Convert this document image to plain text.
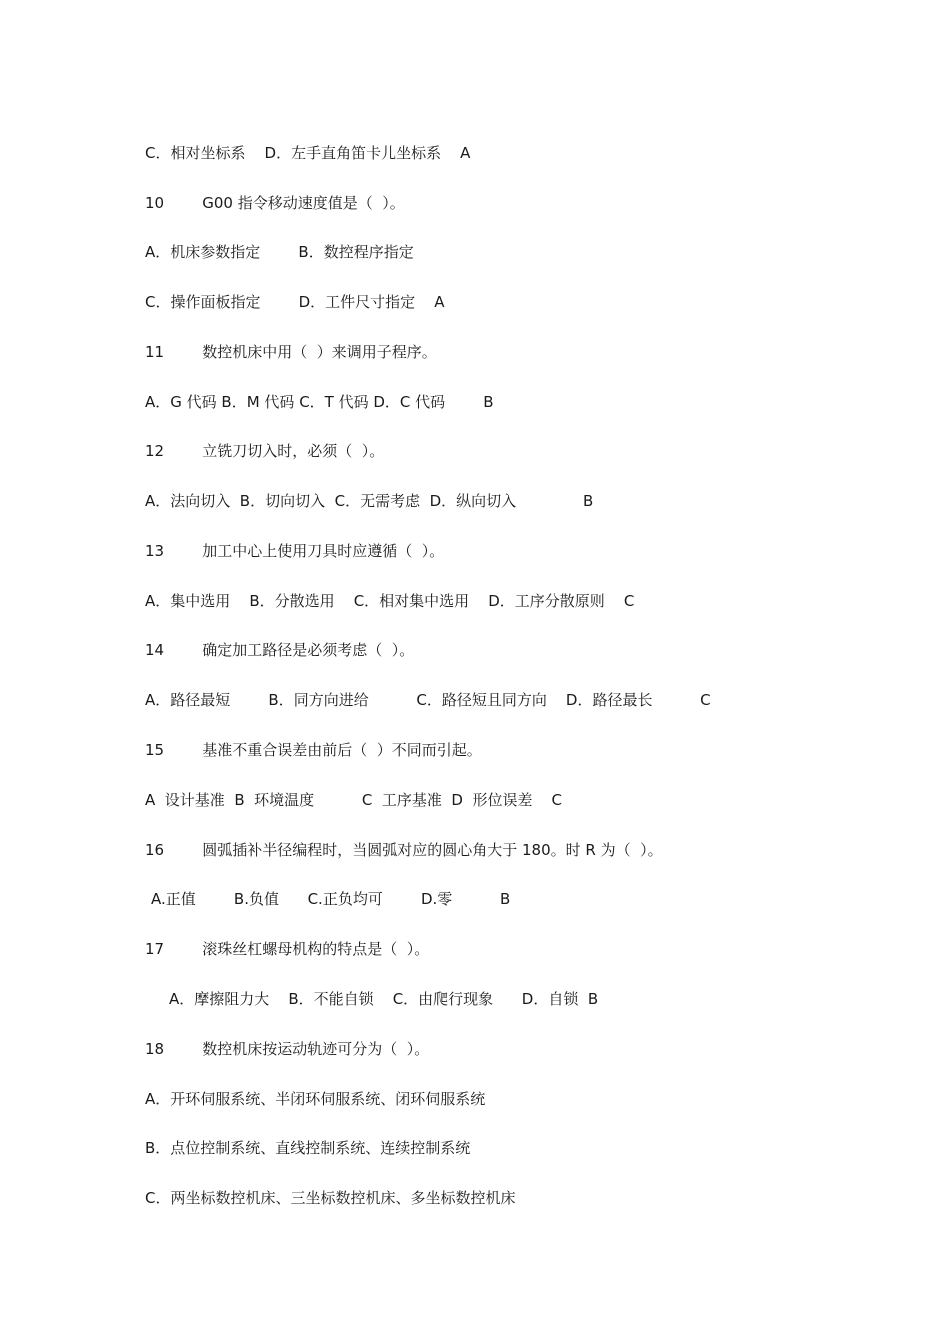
C．相对坐标系    D．左手直角笛卡儿坐标系    A
10        G00 指令移动速度值是（  ）。
A．机床参数指定        B．数控程序指定
C．操作面板指定        D．工件尺寸指定    A
11        数控机床中用（  ）来调用子程序。
A．G 代码 B．M 代码 C．T 代码 D．C 代码        B
12        立铣刀切入时，必须（  ）。
A．法向切入  B．切向切入  C．无需考虑  D．纵向切入              B
13        加工中心上使用刀具时应遵循（  ）。
A．集中选用    B．分散选用    C．相对集中选用    D．工序分散原则    C
14        确定加工路径是必须考虑（  ）。
A．路径最短        B．同方向进给          C．路径短且同方向    D．路径最长          C
15        基准不重合误差由前后（  ）不同而引起。
A  设计基准  B  环境温度          C  工序基准  D  形位误差    C
16        圆弧插补半径编程时，当圆弧对应的圆心角大于 180。时 R 为（  ）。
A.正值        B.负值      C.正负均可        D.零          B
17        滚珠丝杠螺母机构的特点是（  ）。
A．摩擦阻力大    B．不能自锁    C．由爬行现象      D．自锁  B
18        数控机床按运动轨迹可分为（  ）。
A．开环伺服系统、半闭环伺服系统、闭环伺服系统
B．点位控制系统、直线控制系统、连续控制系统
C．两坐标数控机床、三坐标数控机床、多坐标数控机床
